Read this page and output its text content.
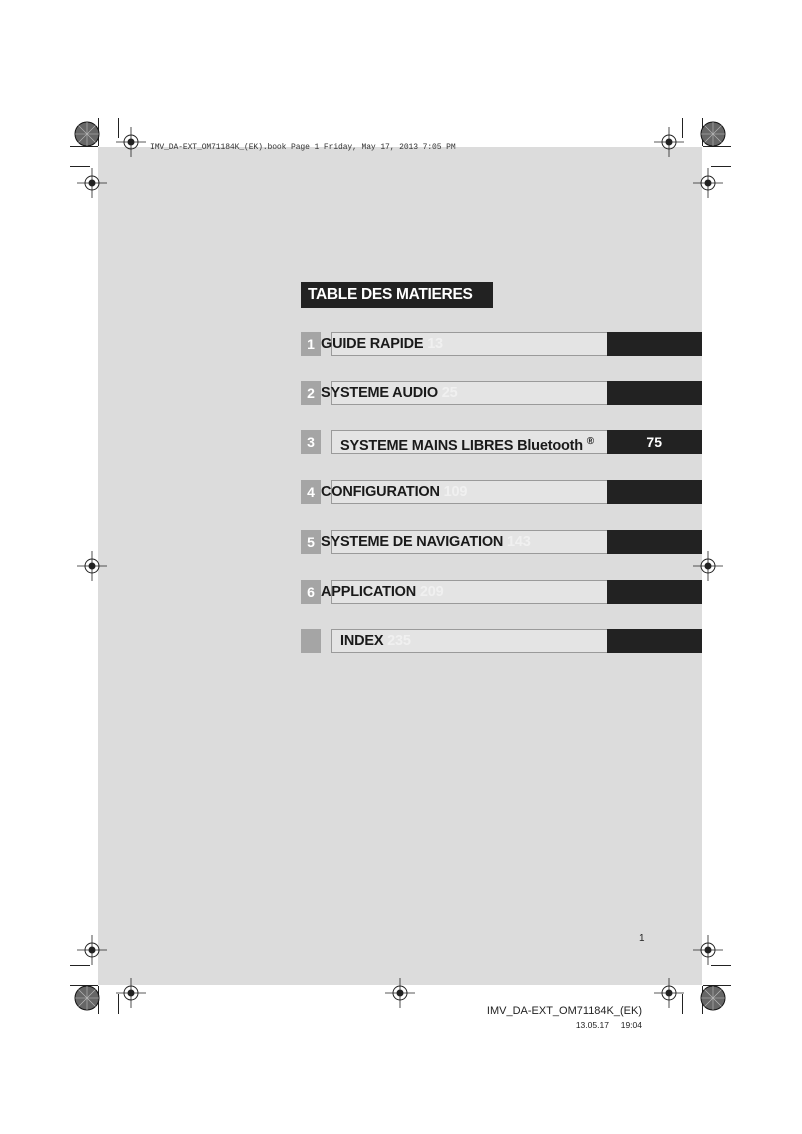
IMV_DA-EXT_OM71184K_(EK).book Page 1 Friday, May 17, 2013 7:05 PM
TABLE DES MATIERES
1 GUIDE RAPIDE 13
2 SYSTEME AUDIO 25
3	SYSTEME MAINS LIBRES Bluetooth ®	75
4 CONFIGURATION 109
5 SYSTEME DE NAVIGATION 143
6 APPLICATION 209
INDEX 235
1
IMV_DA-EXT_OM71184K_(EK)
13.05.17     19:04
